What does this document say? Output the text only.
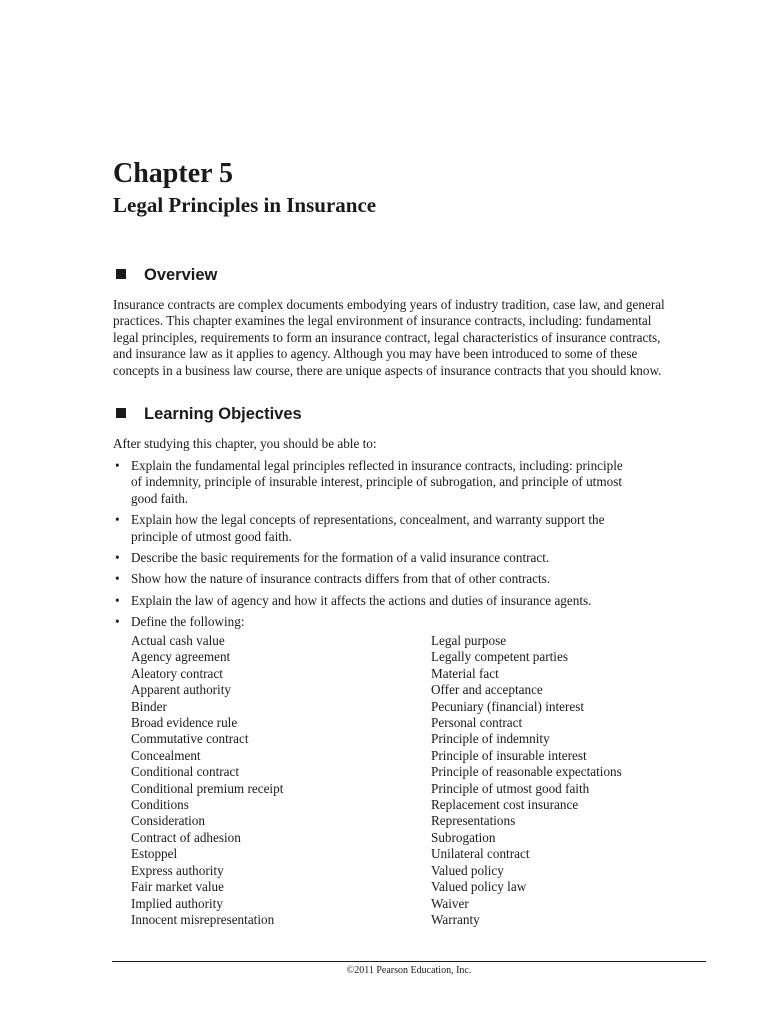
Chapter 5
Legal Principles in Insurance
Overview
Insurance contracts are complex documents embodying years of industry tradition, case law, and general
practices. This chapter examines the legal environment of insurance contracts, including: fundamental
legal principles, requirements to form an insurance contract, legal characteristics of insurance contracts,
and insurance law as it applies to agency. Although you may have been introduced to some of these
concepts in a business law course, there are unique aspects of insurance contracts that you should know.
Learning Objectives
After studying this chapter, you should be able to:
• Explain the fundamental legal principles reflected in insurance contracts, including: principle
of indemnity, principle of insurable interest, principle of subrogation, and principle of utmost
good faith.
• Explain how the legal concepts of representations, concealment, and warranty support the
principle of utmost good faith.
• Describe the basic requirements for the formation of a valid insurance contract.
• Show how the nature of insurance contracts differs from that of other contracts.
• Explain the law of agency and how it affects the actions and duties of insurance agents.
• Define the following:
Actual cash value
Agency agreement
Aleatory contract
Apparent authority
Binder
Broad evidence rule
Commutative contract
Concealment
Conditional contract
Conditional premium receipt
Conditions
Consideration
Contract of adhesion
Estoppel
Express authority
Fair market value
Implied authority
Innocent misrepresentation
Legal purpose
Legally competent parties
Material fact
Offer and acceptance
Pecuniary (financial) interest
Personal contract
Principle of indemnity
Principle of insurable interest
Principle of reasonable expectations
Principle of utmost good faith
Replacement cost insurance
Representations
Subrogation
Unilateral contract
Valued policy
Valued policy law
Waiver
Warranty
©2011 Pearson Education, Inc.
